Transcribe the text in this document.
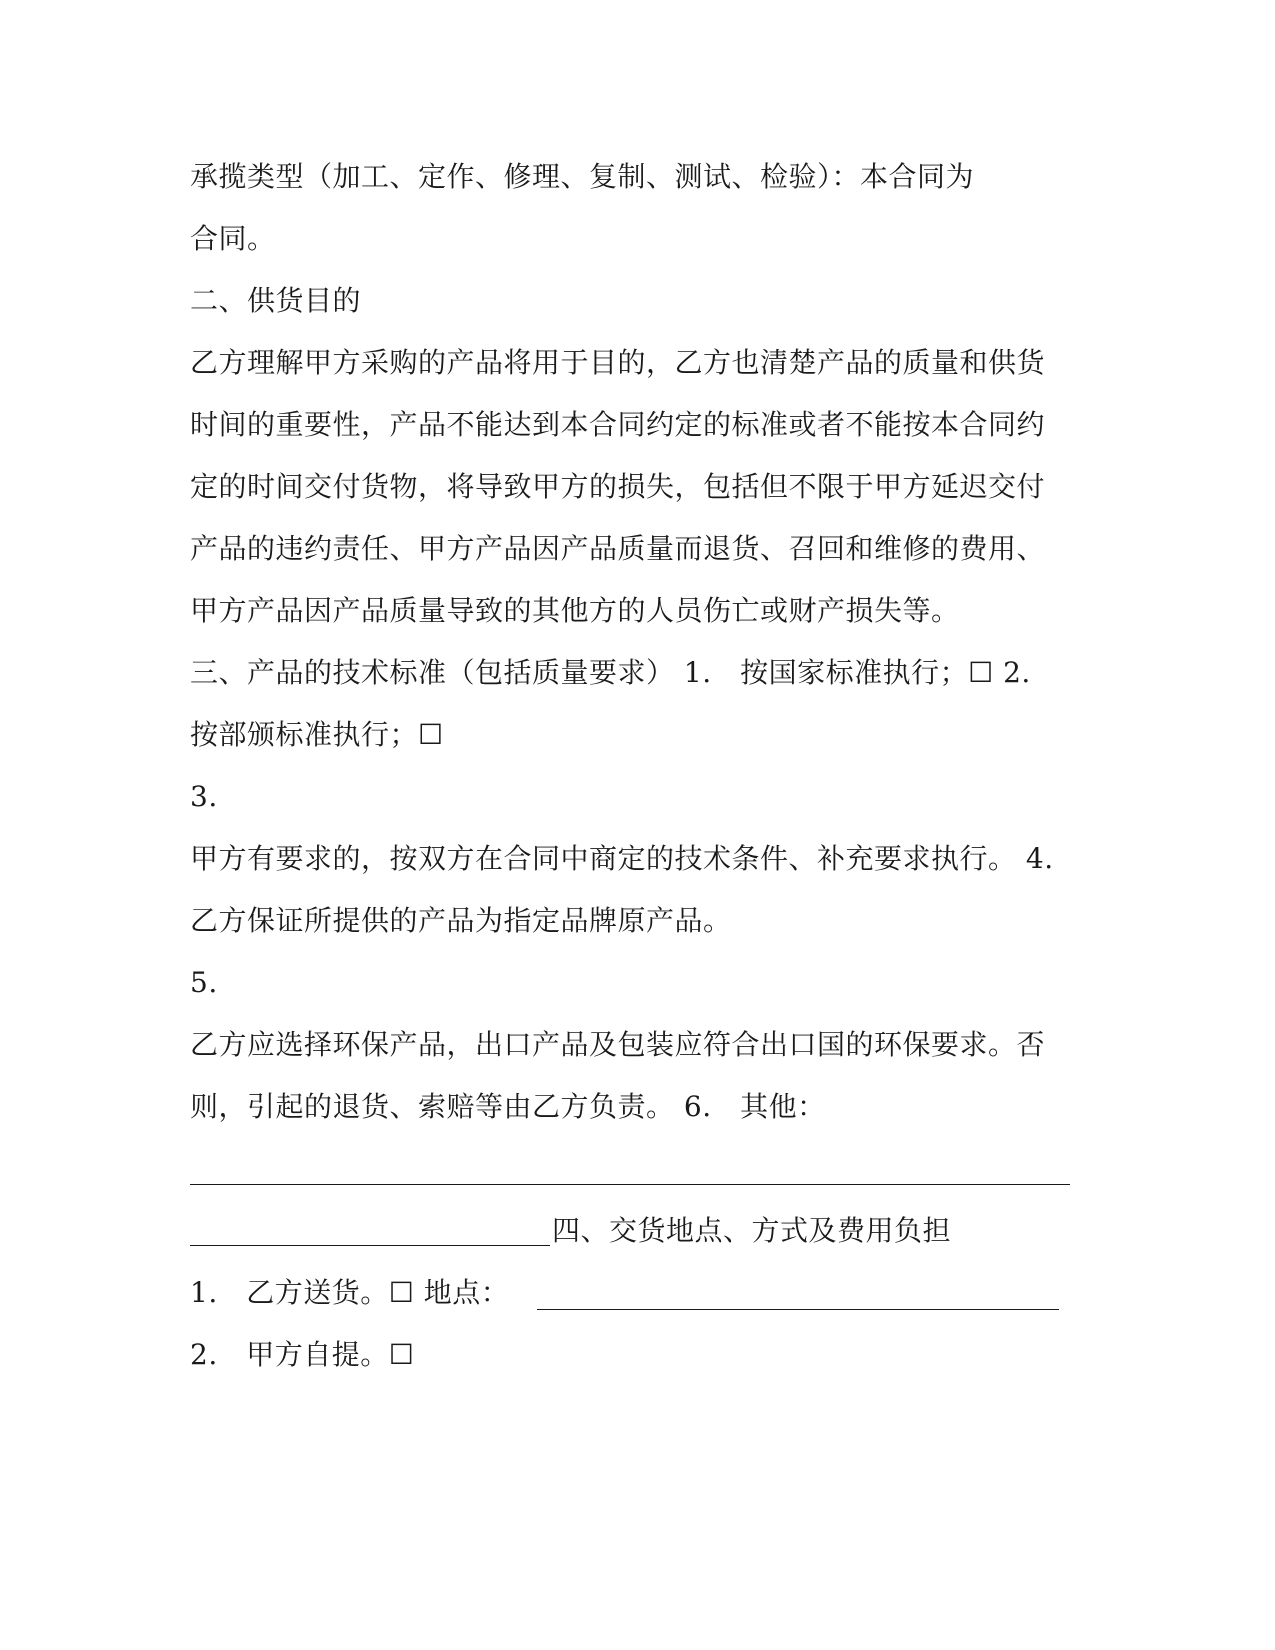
承揽类型（加工、定作、修理、复制、测试、检验）：本合同为
合同。
二、供货目的
乙方理解甲方采购的产品将用于目的，乙方也清楚产品的质量和供货
时间的重要性，产品不能达到本合同约定的标准或者不能按本合同约
定的时间交付货物，将导致甲方的损失，包括但不限于甲方延迟交付
产品的违约责任、甲方产品因产品质量而退货、召回和维修的费用、
甲方产品因产品质量导致的其他方的人员伤亡或财产损失等。
三、产品的技术标准（包括质量要求） 1.　按国家标准执行；☐ 2.
按部颁标准执行；☐
3.
甲方有要求的，按双方在合同中商定的技术条件、补充要求执行。 4.
乙方保证所提供的产品为指定品牌原产品。
5.
乙方应选择环保产品，出口产品及包装应符合出口国的环保要求。否
则，引起的退货、索赔等由乙方负责。 6.　其他：
四、交货地点、方式及费用负担
1.　乙方送货。☐ 地点：
2.　甲方自提。☐
